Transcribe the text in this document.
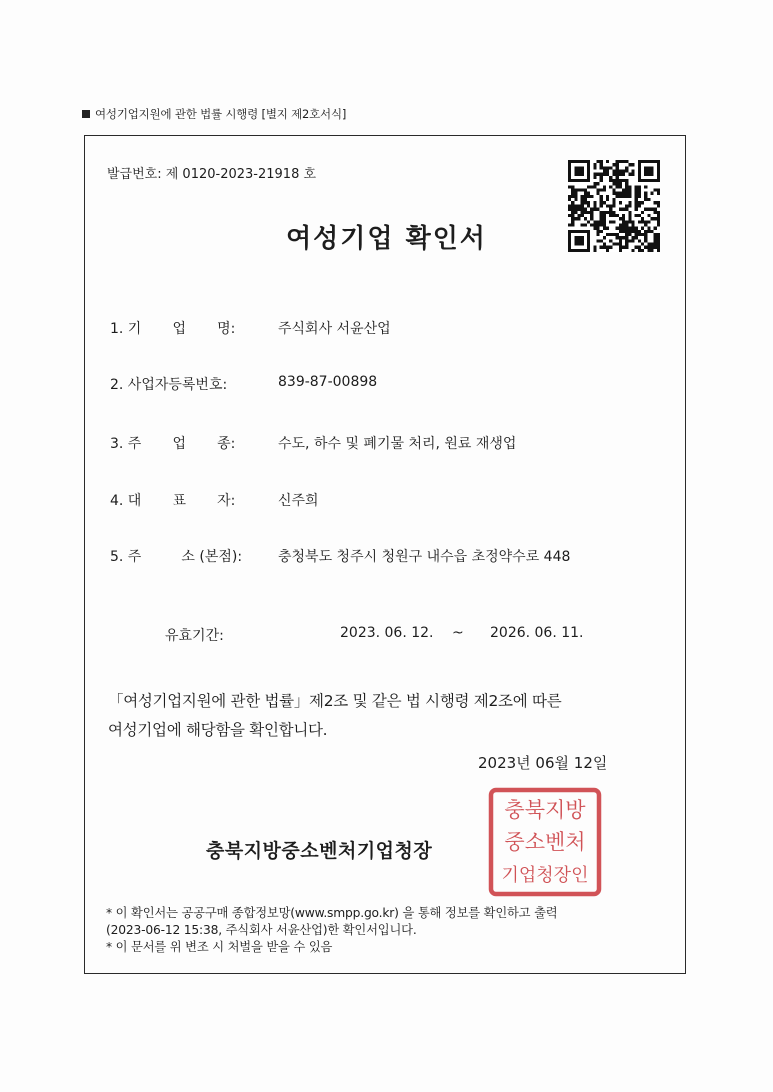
여성기업지원에 관한 법률 시행령 [별지 제2호서식]
발급번호: 제 0120-2023-21918 호
여성기업 확인서
1. 기       업       명:	주식회사 서윤산업
2. 사업자등록번호:	839-87-00898
3. 주       업       종:	수도, 하수 및 폐기물 처리, 원료 재생업
4. 대       표       자:	신주희
5. 주         소 (본점):	충청북도 청주시 청원구 내수읍 초정약수로 448
유효기간:	2023. 06. 12. ~ 2026. 06. 11.
「여성기업지원에 관한 법률」제2조 및 같은 법 시행령 제2조에 따른
여성기업에 해당함을 확인합니다.
2023년 06월 12일
충북지방중소벤처기업청장
충북지방
중소벤처
기업청장인
* 이 확인서는 공공구매 종합정보망(www.smpp.go.kr) 을 통해 정보를 확인하고 출력
(2023-06-12 15:38, 주식회사 서윤산업)한 확인서입니다.
* 이 문서를 위 변조 시 처벌을 받을 수 있음
